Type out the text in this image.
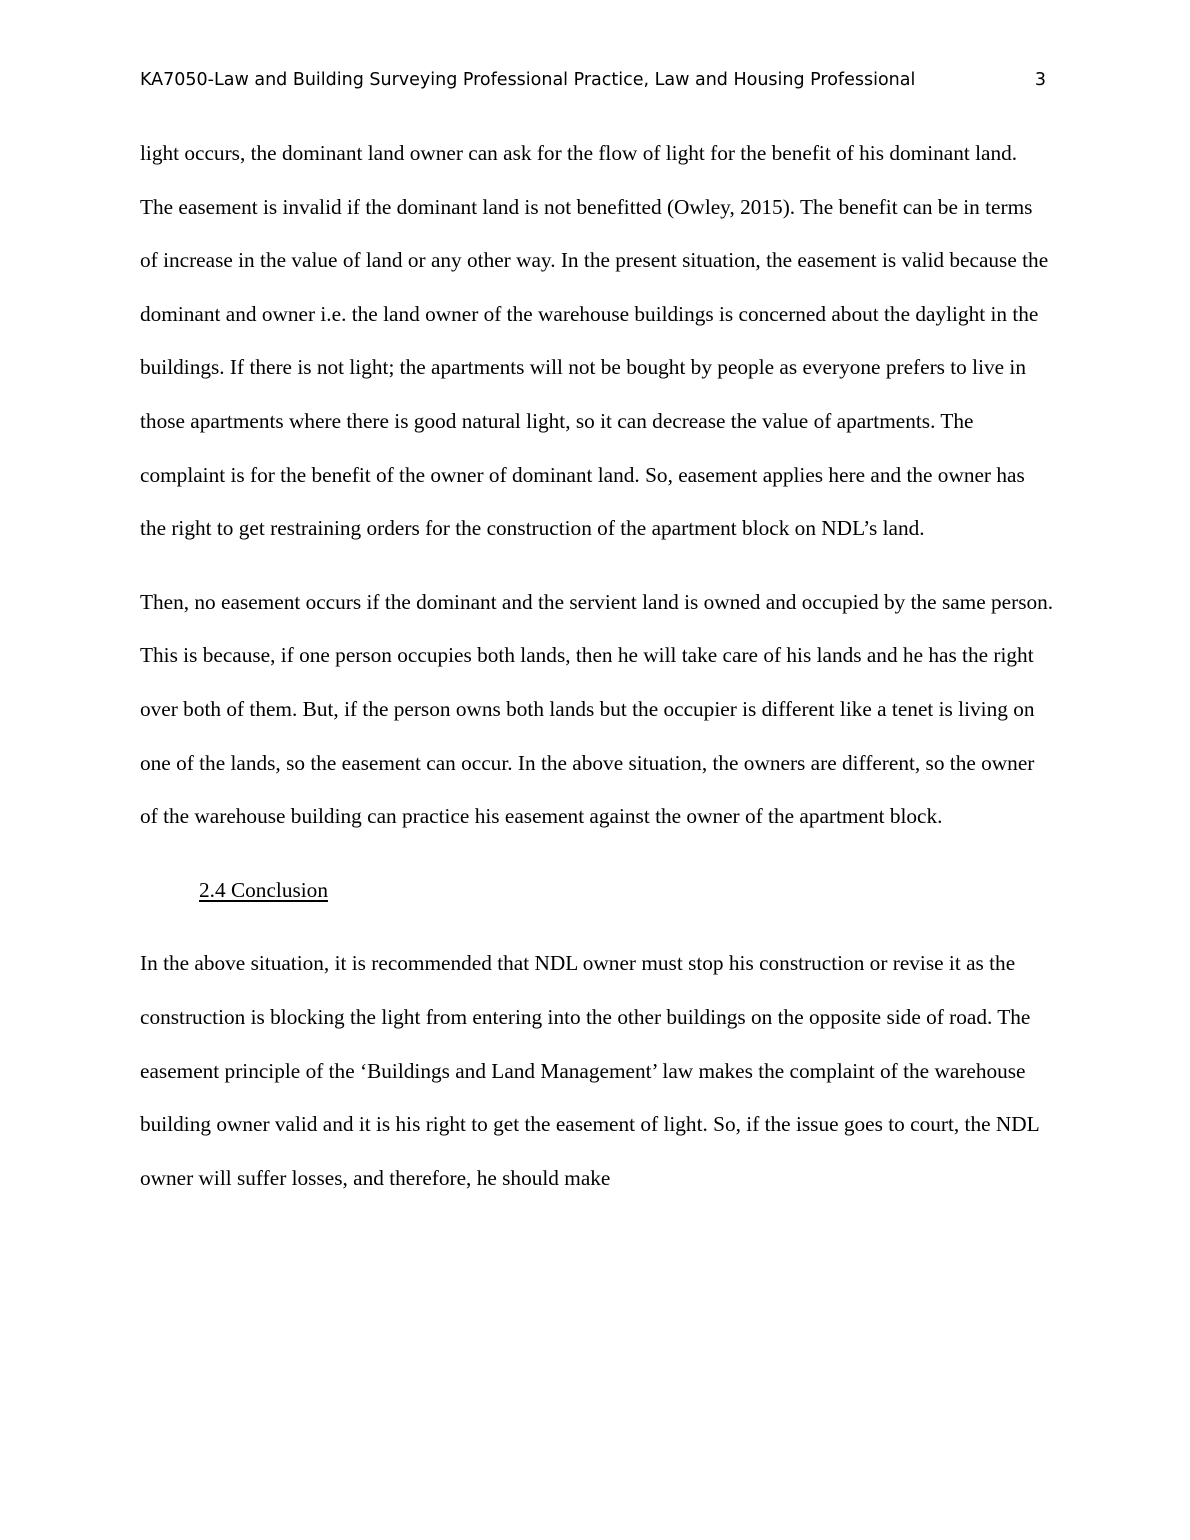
KA7050-Law and Building Surveying Professional Practice, Law and Housing Professional	3

light occurs, the dominant land owner can ask for the flow of light for the benefit of his dominant land. The easement is invalid if the dominant land is not benefitted (Owley, 2015). The benefit can be in terms of increase in the value of land or any other way. In the present situation, the easement is valid because the dominant and owner i.e. the land owner of the warehouse buildings is concerned about the daylight in the buildings. If there is not light; the apartments will not be bought by people as everyone prefers to live in those apartments where there is good natural light, so it can decrease the value of apartments. The complaint is for the benefit of the owner of dominant land. So, easement applies here and the owner has the right to get restraining orders for the construction of the apartment block on NDL’s land.

Then, no easement occurs if the dominant and the servient land is owned and occupied by the same person. This is because, if one person occupies both lands, then he will take care of his lands and he has the right over both of them. But, if the person owns both lands but the occupier is different like a tenet is living on one of the lands, so the easement can occur. In the above situation, the owners are different, so the owner of the warehouse building can practice his easement against the owner of the apartment block.

2.4 Conclusion

In the above situation, it is recommended that NDL owner must stop his construction or revise it as the construction is blocking the light from entering into the other buildings on the opposite side of road. The easement principle of the ‘Buildings and Land Management’ law makes the complaint of the warehouse building owner valid and it is his right to get the easement of light. So, if the issue goes to court, the NDL owner will suffer losses, and therefore, he should make
